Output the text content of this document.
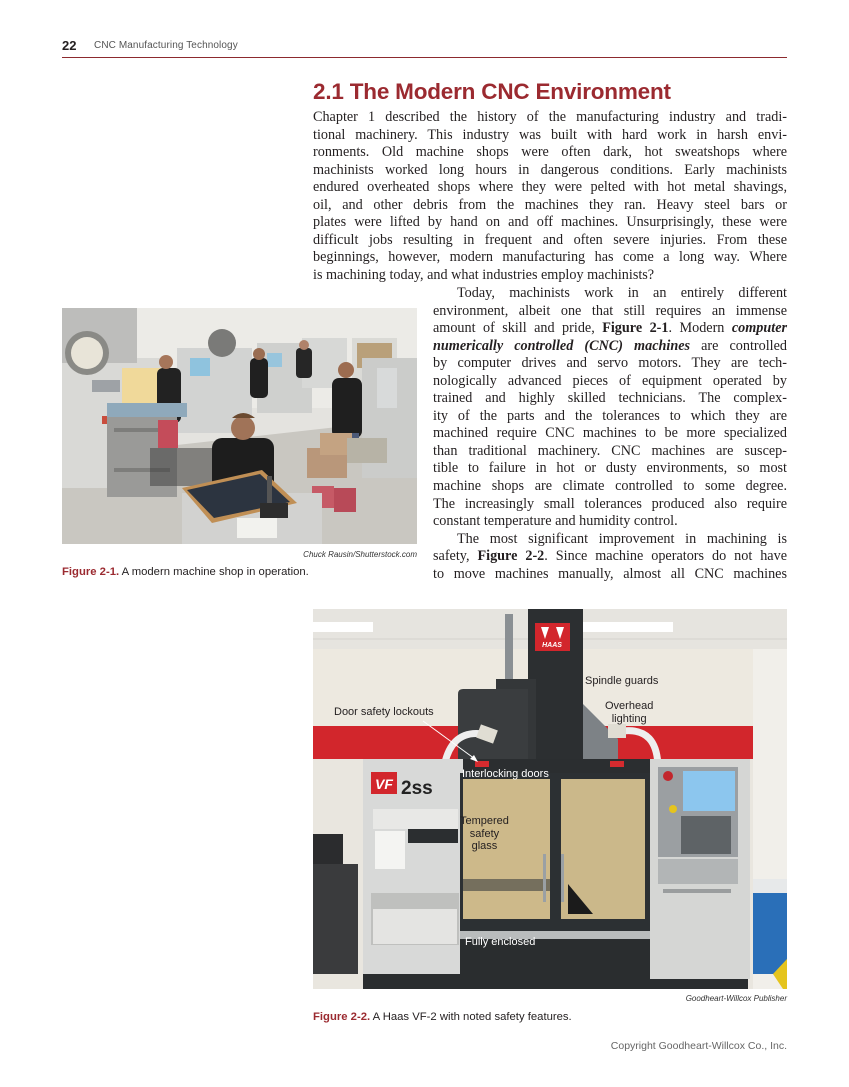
22 CNC Manufacturing Technology
2.1 The Modern CNC Environment
Chapter 1 described the history of the manufacturing industry and tradi-
tional machinery. This industry was built with hard work in harsh envi-
ronments. Old machine shops were often dark, hot sweatshops where
machinists worked long hours in dangerous conditions. Early machinists
endured overheated shops where they were pelted with hot metal shavings,
oil, and other debris from the machines they ran. Heavy steel bars or
plates were lifted by hand on and off machines. Unsurprisingly, these were
difficult jobs resulting in frequent and often severe injuries. From these
beginnings, however, modern manufacturing has come a long way. Where
is machining today, and what industries employ machinists?
Today, machinists work in an entirely different
environment, albeit one that still requires an immense
amount of skill and pride, Figure 2-1. Modern computer
numerically controlled (CNC) machines are controlled
by computer drives and servo motors. They are tech-
nologically advanced pieces of equipment operated by
trained and highly skilled technicians. The complex-
ity of the parts and the tolerances to which they are
machined require CNC machines to be more specialized
than traditional machinery. CNC machines are suscep-
tible to failure in hot or dusty environments, so most
machine shops are climate controlled to some degree.
The increasingly small tolerances produced also require
constant temperature and humidity control.
The most significant improvement in machining is
safety, Figure 2-2. Since machine operators do not have
to move machines manually, almost all CNC machines
Chuck Rausin/Shutterstock.com
Figure 2-1. A modern machine shop in operation.
HAAS
VF 2ss
Spindle guards
Door safety lockouts	Overhead
lighting
Interlocking doors
Tempered
safety
glass
Fully enclosed
Goodheart-Willcox Publisher
Figure 2-2. A Haas VF-2 with noted safety features.
Copyright Goodheart-Willcox Co., Inc.
